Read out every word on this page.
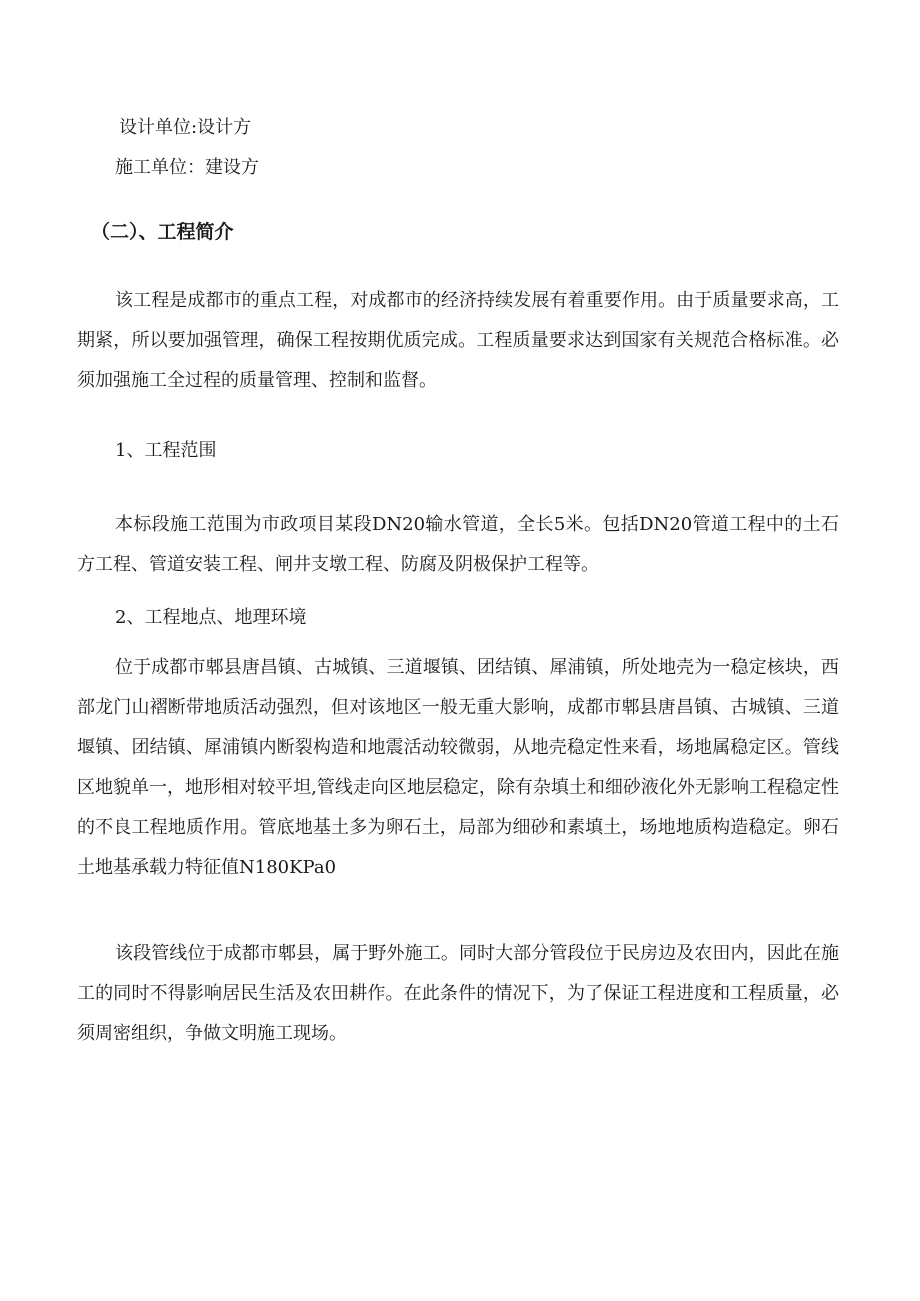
设计单位:设计方
施工单位：建设方
（二）、工程简介
该工程是成都市的重点工程，对成都市的经济持续发展有着重要作用。由于质量要求高，工期紧，所以要加强管理，确保工程按期优质完成。工程质量要求达到国家有关规范合格标准。必须加强施工全过程的质量管理、控制和监督。
1、工程范围
本标段施工范围为市政项目某段DN20输水管道，全长5米。包括DN20管道工程中的土石方工程、管道安装工程、闸井支墩工程、防腐及阴极保护工程等。
2、工程地点、地理环境
位于成都市郫县唐昌镇、古城镇、三道堰镇、团结镇、犀浦镇，所处地壳为一稳定核块，西部龙门山褶断带地质活动强烈，但对该地区一般无重大影响，成都市郫县唐昌镇、古城镇、三道堰镇、团结镇、犀浦镇内断裂构造和地震活动较微弱，从地壳稳定性来看，场地属稳定区。管线区地貌单一，地形相对较平坦,管线走向区地层稳定，除有杂填土和细砂液化外无影响工程稳定性的不良工程地质作用。管底地基土多为卵石土，局部为细砂和素填土，场地地质构造稳定。卵石土地基承载力特征值N180KPa0
该段管线位于成都市郫县，属于野外施工。同时大部分管段位于民房边及农田内，因此在施工的同时不得影响居民生活及农田耕作。在此条件的情况下，为了保证工程进度和工程质量，必须周密组织，争做文明施工现场。
